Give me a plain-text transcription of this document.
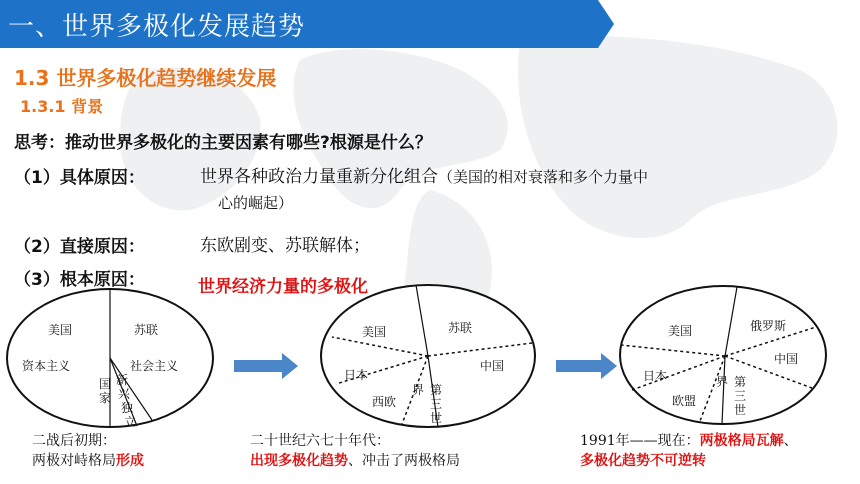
一、世界多极化发展趋势
1.3 世界多极化趋势继续发展
1.3.1 背景
思考：推动世界多极化的主要因素有哪些?根源是什么？
（1）具体原因：	世界各种政治力量重新分化组合（美国的相对衰落和多个力量中
心的崛起）
（2）直接原因：	东欧剧变、苏联解体；
（3）根本原因：	世界经济力量的多极化
美国	苏联
资本主义	社会主义
国
家
新
兴
独
立
美国	苏联
日本
中国
西欧
界 第
三
世
美国	俄罗斯
中国
日本
欧盟
界 第
三
世
二战后初期：
两极对峙格局形成
二十世纪六七十年代：
出现多极化趋势、冲击了两极格局
1991年——现在：两极格局瓦解、
多极化趋势不可逆转
